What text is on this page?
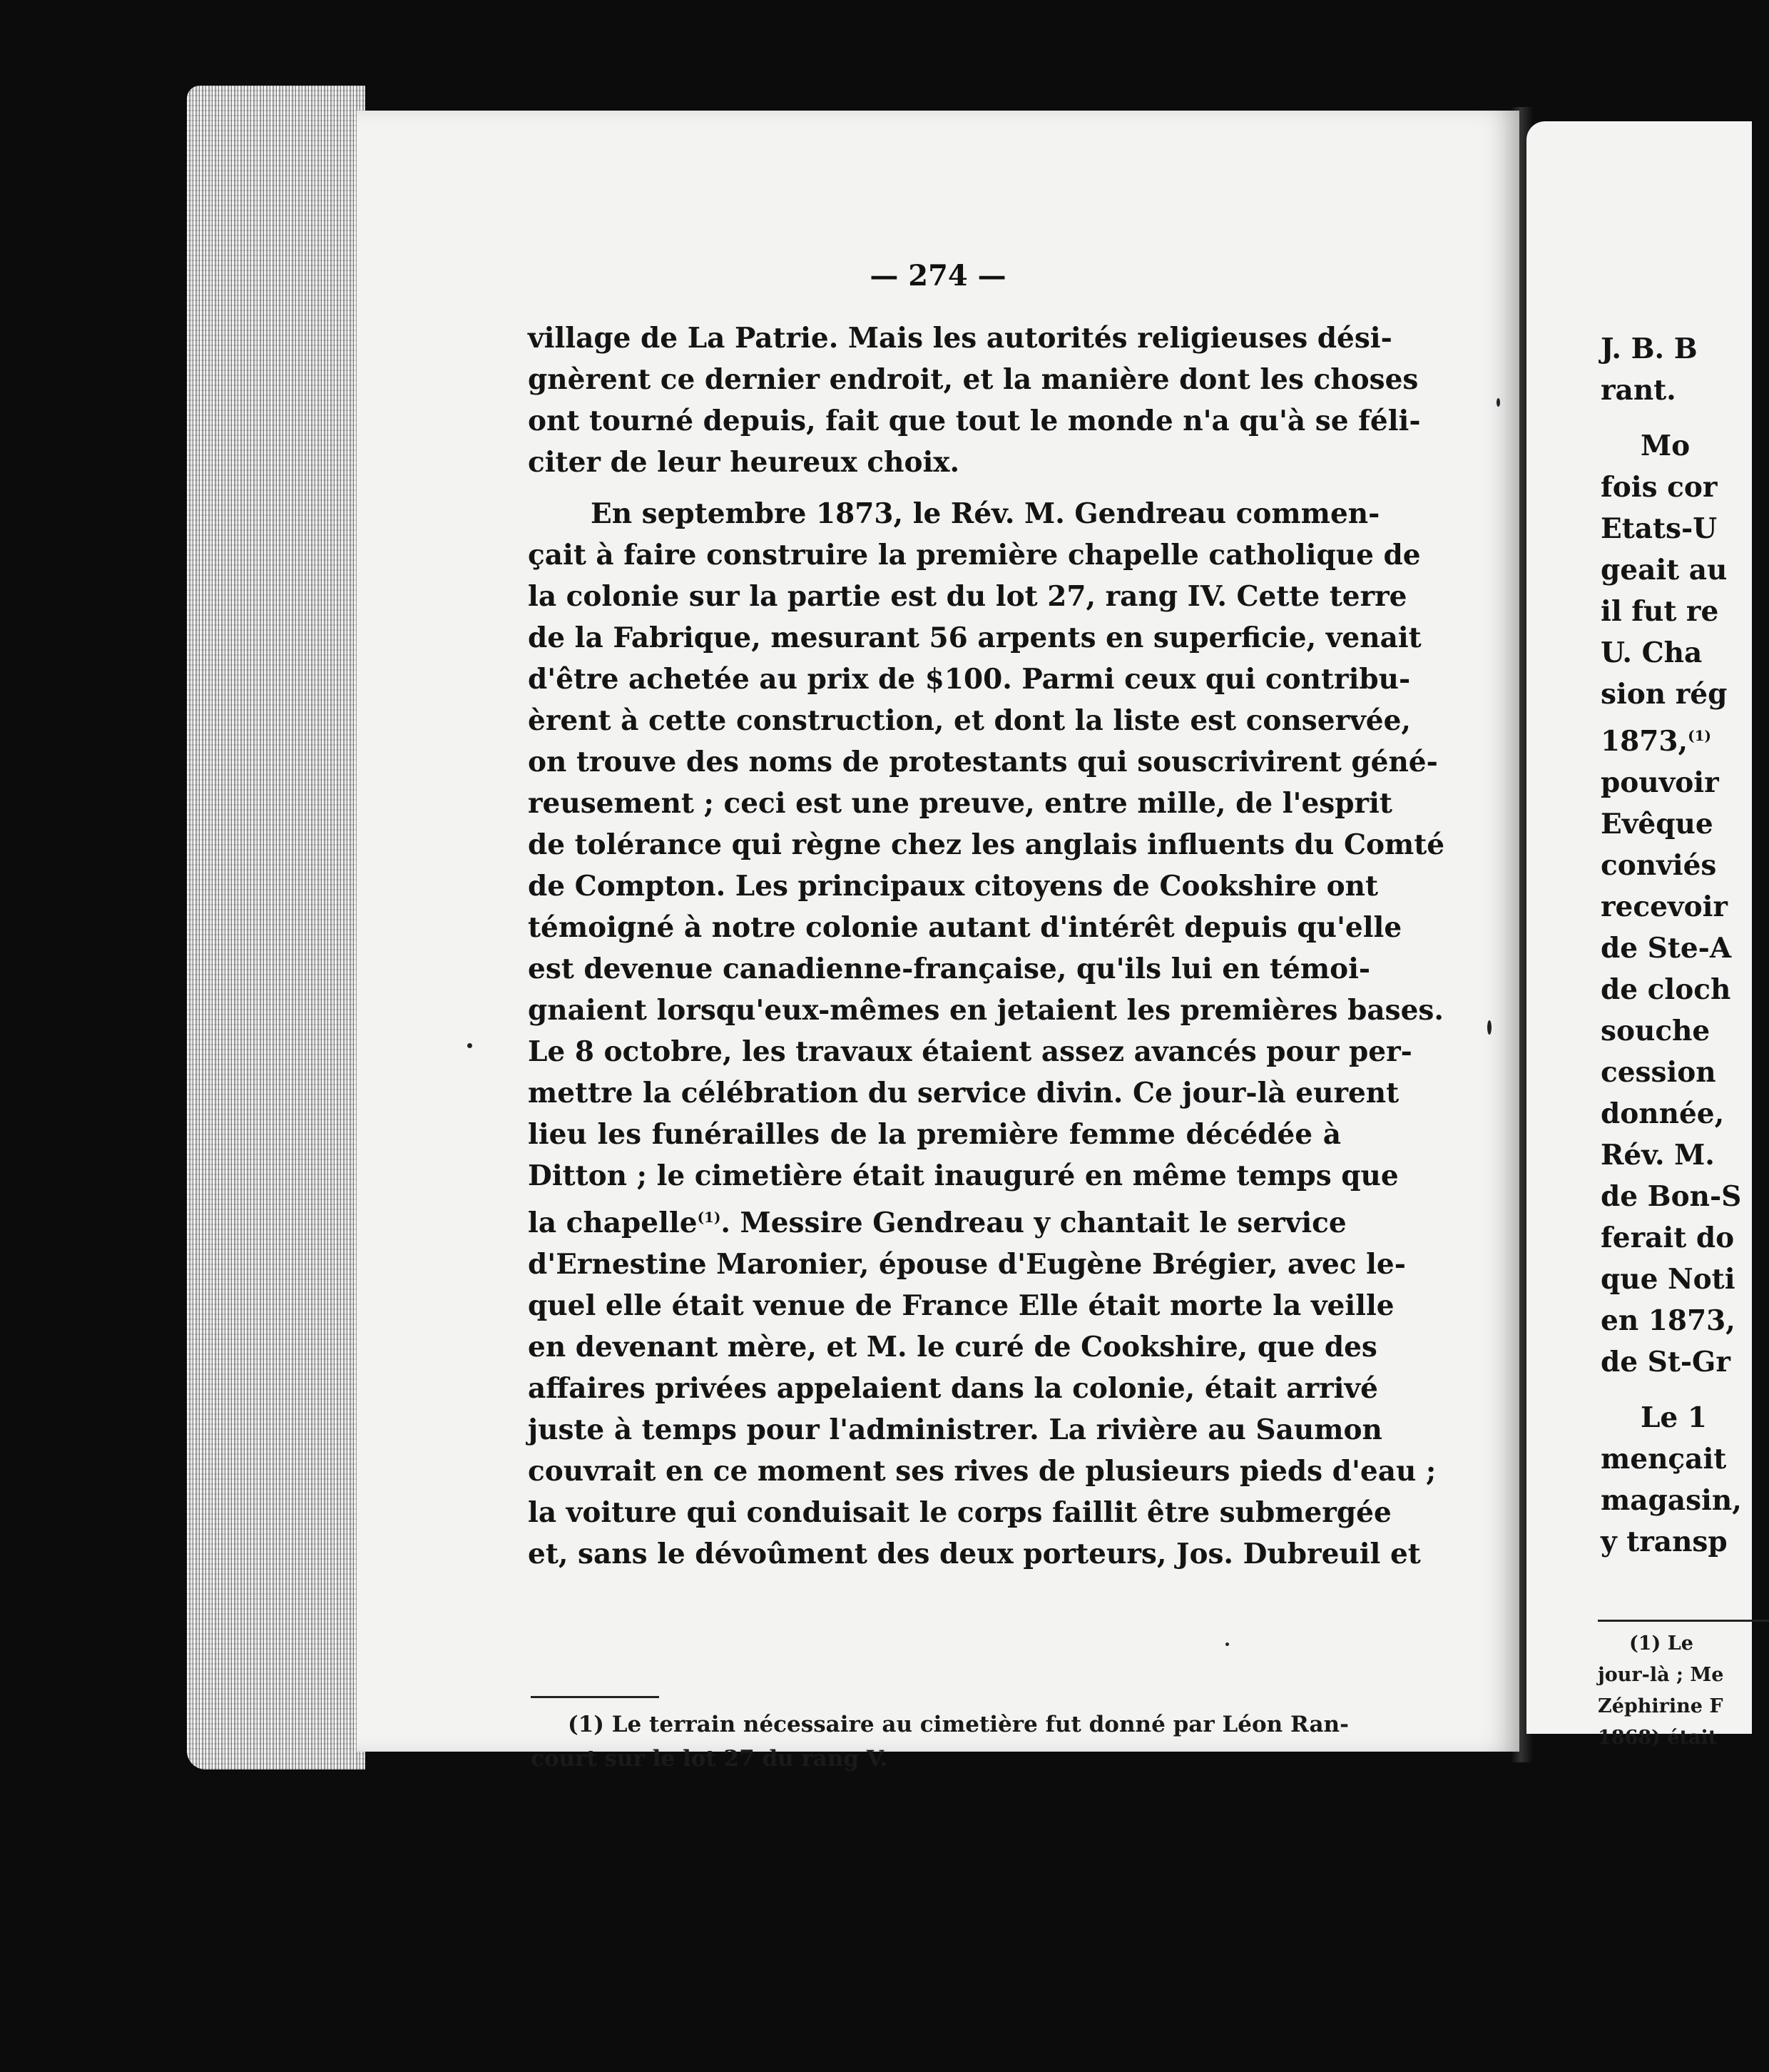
— 274 —
village de La Patrie. Mais les autorités religieuses dési-
gnèrent ce dernier endroit, et la manière dont les choses
ont tourné depuis, fait que tout le monde n'a qu'à se féli-
citer de leur heureux choix.
En septembre 1873, le Rév. M. Gendreau commen-
çait à faire construire la première chapelle catholique de
la colonie sur la partie est du lot 27, rang IV. Cette terre
de la Fabrique, mesurant 56 arpents en superficie, venait
d'être achetée au prix de $100. Parmi ceux qui contribu-
èrent à cette construction, et dont la liste est conservée,
on trouve des noms de protestants qui souscrivirent géné-
reusement ; ceci est une preuve, entre mille, de l'esprit
de tolérance qui règne chez les anglais influents du Comté
de Compton. Les principaux citoyens de Cookshire ont
témoigné à notre colonie autant d'intérêt depuis qu'elle
est devenue canadienne-française, qu'ils lui en témoi-
gnaient lorsqu'eux-mêmes en jetaient les premières bases.
Le 8 octobre, les travaux étaient assez avancés pour per-
mettre la célébration du service divin. Ce jour-là eurent
lieu les funérailles de la première femme décédée à
Ditton ; le cimetière était inauguré en même temps que
la chapelle$^{(1)}$. Messire Gendreau y chantait le service
d'Ernestine Maronier, épouse d'Eugène Brégier, avec le-
quel elle était venue de France Elle était morte la veille
en devenant mère, et M. le curé de Cookshire, que des
affaires privées appelaient dans la colonie, était arrivé
juste à temps pour l'administrer. La rivière au Saumon
couvrait en ce moment ses rives de plusieurs pieds d'eau ;
la voiture qui conduisait le corps faillit être submergée
et, sans le dévoûment des deux porteurs, Jos. Dubreuil et
(1) Le terrain nécessaire au cimetière fut donné par Léon Ran-
court sur le lot 27 du rang V.
J. B. B
rant.
Mo
fois cor
Etats-U
geait au
il fut re
U. Cha
sion rég
1873,$^{(1)}$
pouvoir
Evêque
conviés
recevoir
de Ste-A
de cloch
souche
cession
donnée,
Rév. M.
de Bon-S
ferait do
que Noti
en 1873,
de St-Gr
Le 1
mençait
magasin,
y transp
(1) Le
jour-là ; Me
Zéphirine F
1868) était
